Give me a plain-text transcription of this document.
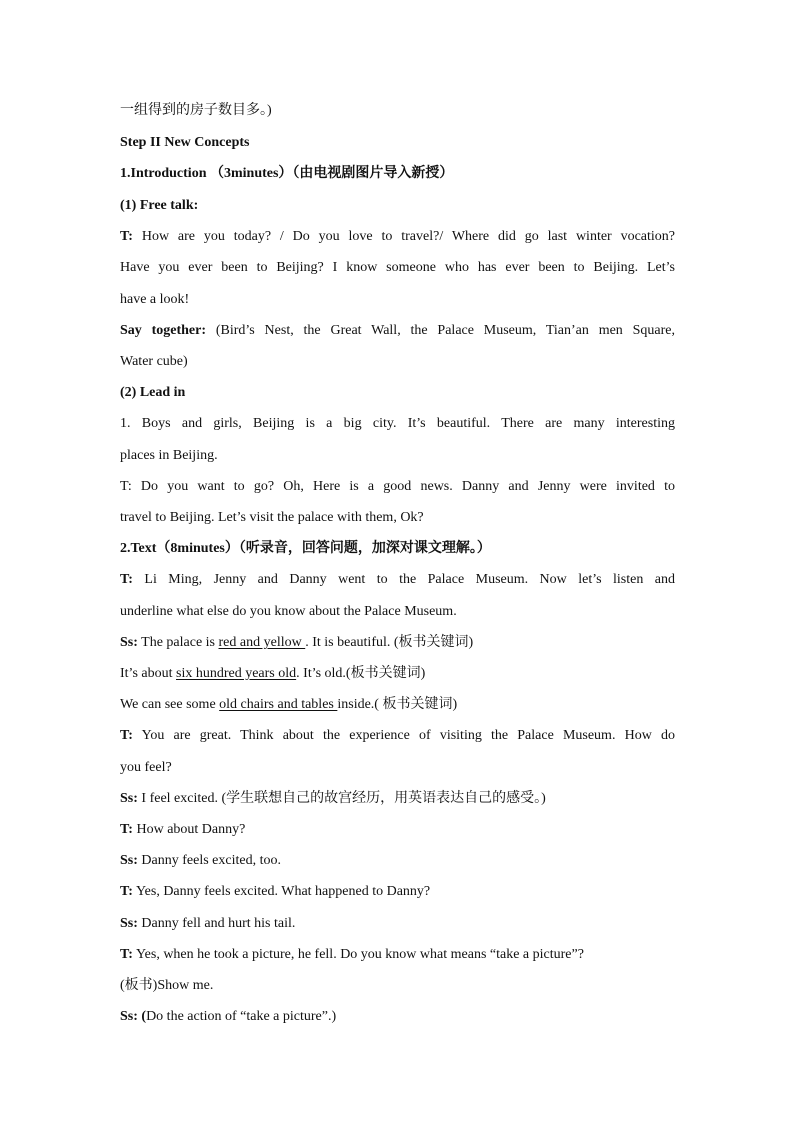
一组得到的房子数目多。)
Step II New Concepts
1.Introduction （3minutes）（由电视剧图片导入新授）
(1) Free talk:
T: How are you today? / Do you love to travel?/ Where did go last winter vocation?
Have you ever been to Beijing? I know someone who has ever been to Beijing. Let’s
have a look!
Say together: (Bird’s Nest, the Great Wall, the Palace Museum, Tian’an men Square,
Water cube)
(2) Lead in
1. Boys and girls, Beijing is a big city. It’s beautiful. There are many interesting
places in Beijing.
T: Do you want to go? Oh, Here is a good news. Danny and Jenny were invited to
travel to Beijing. Let’s visit the palace with them, Ok?
2.Text（8minutes）（听录音，回答问题，加深对课文理解。）
T: Li Ming, Jenny and Danny went to the Palace Museum. Now let’s listen and
underline what else do you know about the Palace Museum.
Ss: The palace is red and yellow . It is beautiful. (板书关键词)
It’s about six hundred years old. It’s old.(板书关键词)
We can see some old chairs and tables inside.( 板书关键词)
T: You are great. Think about the experience of visiting the Palace Museum. How do
you feel?
Ss: I feel excited. (学生联想自己的故宫经历，用英语表达自己的感受。)
T: How about Danny?
Ss: Danny feels excited, too.
T: Yes, Danny feels excited. What happened to Danny?
Ss: Danny fell and hurt his tail.
T: Yes, when he took a picture, he fell. Do you know what means “take a picture”?
(板书)Show me.
Ss: (Do the action of “take a picture”.)
